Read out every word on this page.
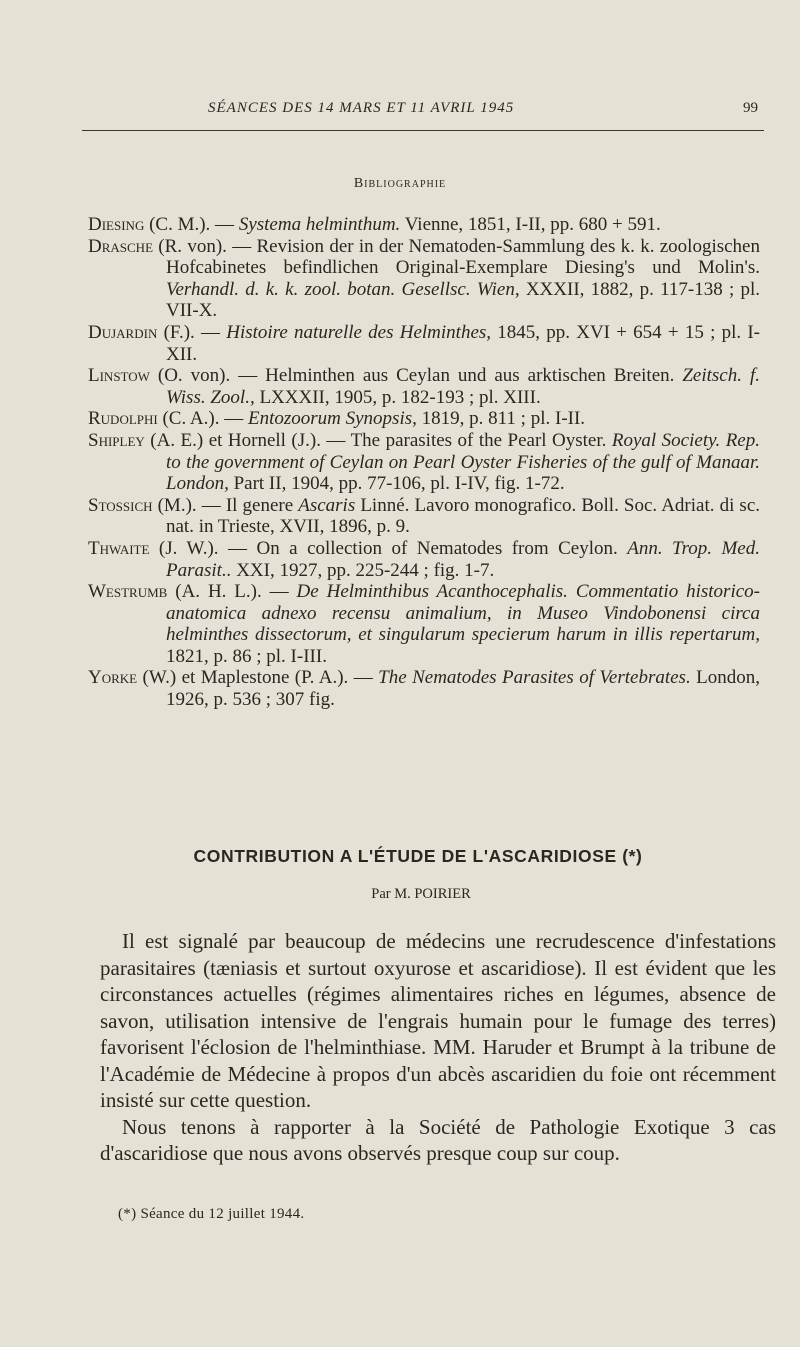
SÉANCES DES 14 MARS ET 11 AVRIL 1945	99
Bibliographie

Diesing (C. M.). — Systema helminthum. Vienne, 1851, I-II, pp. 680 + 591.

Drasche (R. von). — Revision der in der Nematoden-Sammlung des k. k. zoologischen Hofcabinetes befindlichen Original-Exemplare Diesing's und Molin's. Verhandl. d. k. k. zool. botan. Gesellsc. Wien, XXXII, 1882, p. 117-138 ; pl. VII-X.

Dujardin (F.). — Histoire naturelle des Helminthes, 1845, pp. XVI + 654 + 15 ; pl. I-XII.

Linstow (O. von). — Helminthen aus Ceylan und aus arktischen Breiten. Zeitsch. f. Wiss. Zool., LXXXII, 1905, p. 182-193 ; pl. XIII.

Rudolphi (C. A.). — Entozoorum Synopsis, 1819, p. 811 ; pl. I-II.

Shipley (A. E.) et Hornell (J.). — The parasites of the Pearl Oyster. Royal Society. Rep. to the government of Ceylan on Pearl Oyster Fisheries of the gulf of Manaar. London, Part II, 1904, pp. 77-106, pl. I-IV, fig. 1-72.

Stossich (M.). — Il genere Ascaris Linné. Lavoro monografico. Boll. Soc. Adriat. di sc. nat. in Trieste, XVII, 1896, p. 9.

Thwaite (J. W.). — On a collection of Nematodes from Ceylon. Ann. Trop. Med. Parasit.. XXI, 1927, pp. 225-244 ; fig. 1-7.

Westrumb (A. H. L.). — De Helminthibus Acanthocephalis. Commentatio historico-anatomica adnexo recensu animalium, in Museo Vindobonensi circa helminthes dissectorum, et singularum specierum harum in illis repertarum, 1821, p. 86 ; pl. I-III.

Yorke (W.) et Maplestone (P. A.). — The Nematodes Parasites of Vertebrates. London, 1926, p. 536 ; 307 fig.

CONTRIBUTION A L'ÉTUDE DE L'ASCARIDIOSE (*)
Par M. POIRIER

Il est signalé par beaucoup de médecins une recrudescence d'infestations parasitaires (tæniasis et surtout oxyurose et ascaridiose). Il est évident que les circonstances actuelles (régimes alimentaires riches en légumes, absence de savon, utilisation intensive de l'engrais humain pour le fumage des terres) favorisent l'éclosion de l'helminthiase. MM. Haruder et Brumpt à la tribune de l'Académie de Médecine à propos d'un abcès ascaridien du foie ont récemment insisté sur cette question.

Nous tenons à rapporter à la Société de Pathologie Exotique 3 cas d'ascaridiose que nous avons observés presque coup sur coup.

(*) Séance du 12 juillet 1944.
